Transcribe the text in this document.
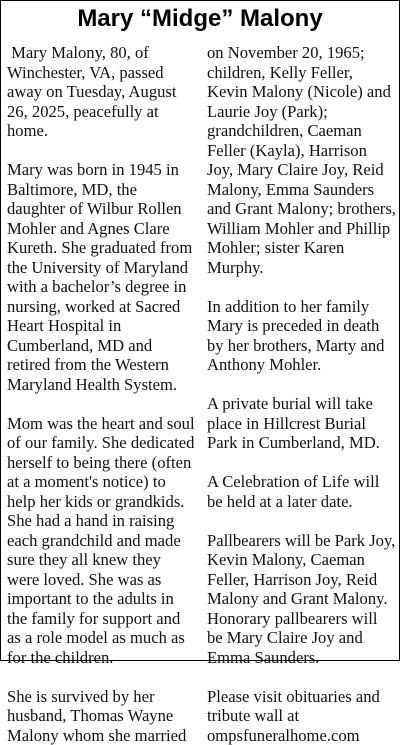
Mary “Midge” Malony

Mary Malony, 80, of Winchester, VA, passed away on Tuesday, August 26, 2025, peacefully at home.

Mary was born in 1945 in Baltimore, MD, the daughter of Wilbur Rollen Mohler and Agnes Clare Kureth. She graduated from the University of Maryland with a bachelor’s degree in nursing, worked at Sacred Heart Hospital in Cumberland, MD and retired from the Western Maryland Health System.

Mom was the heart and soul of our family. She dedicated herself to being there (often at a moment's notice) to help her kids or grandkids. She had a hand in raising each grandchild and made sure they all knew they were loved. She was as important to the adults in the family for support and as a role model as much as for the children.

She is survived by her husband, Thomas Wayne Malony whom she married

on November 20, 1965; children, Kelly Feller, Kevin Malony (Nicole) and Laurie Joy (Park); grandchildren, Caeman Feller (Kayla), Harrison Joy, Mary Claire Joy, Reid Malony, Emma Saunders and Grant Malony; brothers, William Mohler and Phillip Mohler; sister Karen Murphy.

In addition to her family Mary is preceded in death by her brothers, Marty and Anthony Mohler.

A private burial will take place in Hillcrest Burial Park in Cumberland, MD.

A Celebration of Life will be held at a later date.

Pallbearers will be Park Joy, Kevin Malony, Caeman Feller, Harrison Joy, Reid Malony and Grant Malony. Honorary pallbearers will be Mary Claire Joy and Emma Saunders.

Please visit obituaries and tribute wall at ompsfuneralhome.com
